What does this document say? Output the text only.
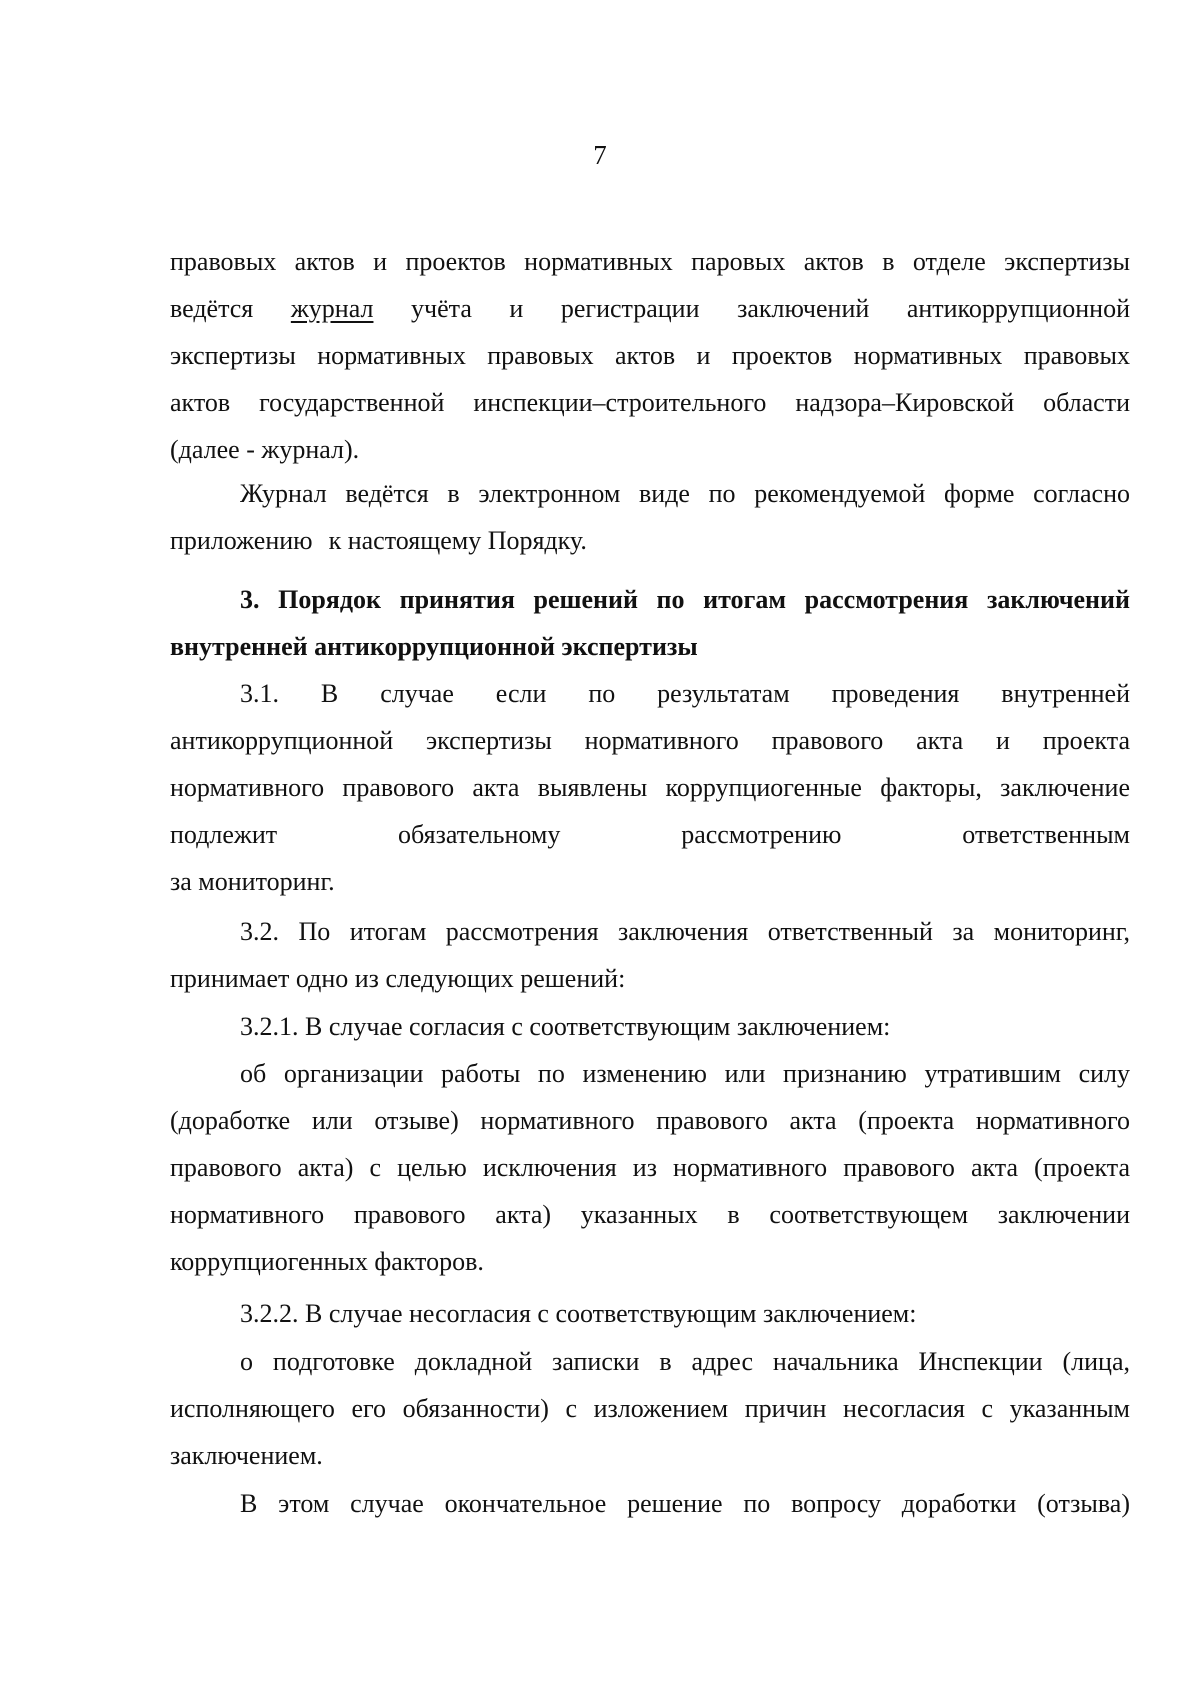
7
правовых актов и проектов нормативных паровых актов в отделе экспертизы
ведётся журнал учёта и регистрации заключений антикоррупционной
экспертизы нормативных правовых актов и проектов нормативных правовых
актов государственной инспекции–строительного надзора–Кировской области
(далее - журнал).
Журнал ведётся в электронном виде по рекомендуемой форме согласно
приложению к настоящему Порядку.
3. Порядок принятия решений по итогам рассмотрения заключений
внутренней антикоррупционной экспертизы
3.1. В случае если по результатам проведения внутренней
антикоррупционной экспертизы нормативного правового акта и проекта
нормативного правового акта выявлены коррупциогенные факторы, заключение
подлежит обязательному рассмотрению ответственным
за мониторинг.
3.2. По итогам рассмотрения заключения ответственный за мониторинг,
принимает одно из следующих решений:
3.2.1. В случае согласия с соответствующим заключением:
об организации работы по изменению или признанию утратившим силу
(доработке или отзыве) нормативного правового акта (проекта нормативного
правового акта) с целью исключения из нормативного правового акта (проекта
нормативного правового акта) указанных в соответствующем заключении
коррупциогенных факторов.
3.2.2. В случае несогласия с соответствующим заключением:
о подготовке докладной записки в адрес начальника Инспекции (лица,
исполняющего его обязанности) с изложением причин несогласия с указанным
заключением.
В этом случае окончательное решение по вопросу доработки (отзыва)
